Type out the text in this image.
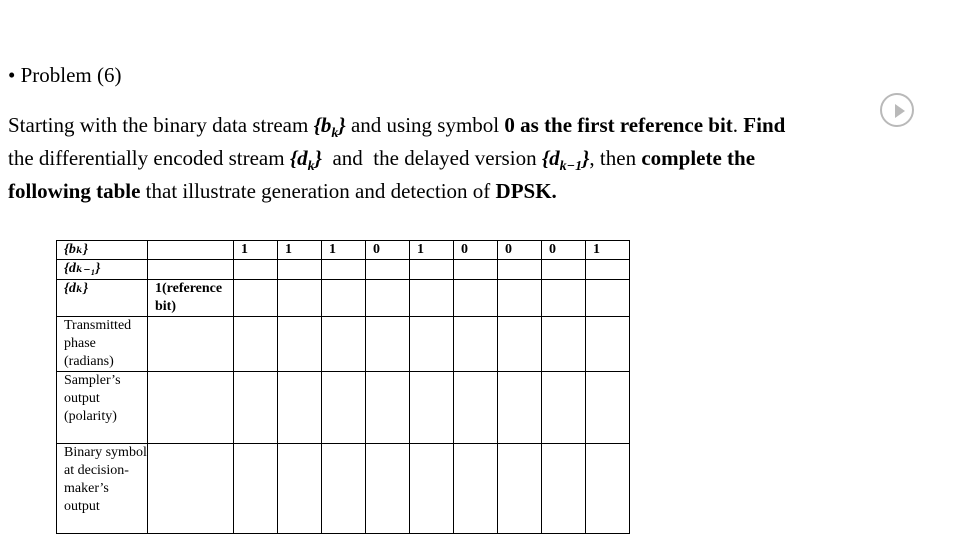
• Problem (6)
Starting with the binary data stream $\{b_k\}$ and using symbol 0 as the first reference bit. Find
the differentially encoded stream $\{d_k\}$  and  the delayed version $\{d_{k-1}\}$, then complete the
following table that illustrate generation and detection of DPSK.
{bₖ}		1	1	1	0	1	0	0	0	1
{dₖ₋₁}										
{dₖ}	1(reference bit)									
Transmitted phase (radians)										
Sampler’s output (polarity)										
Binary symbol at decision-maker’s output										
